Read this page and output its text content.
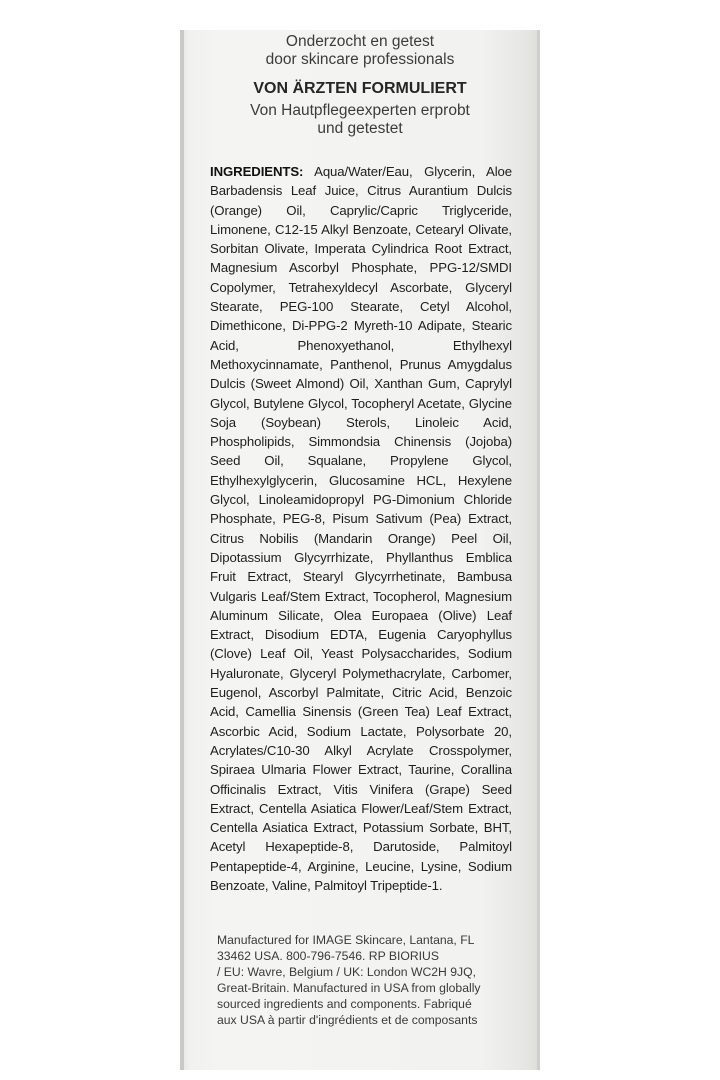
Onderzocht en getest
door skincare professionals
VON ÄRZTEN FORMULIERT
Von Hautpflegeexperten erprobt
und getestet
INGREDIENTS: Aqua/Water/Eau, Glycerin, Aloe Barbadensis Leaf Juice, Citrus Aurantium Dulcis (Orange) Oil, Caprylic/Capric Triglyceride, Limonene, C12-15 Alkyl Benzoate, Cetearyl Olivate, Sorbitan Olivate, Imperata Cylindrica Root Extract, Magnesium Ascorbyl Phosphate, PPG-12/SMDI Copolymer, Tetrahexyldecyl Ascorbate, Glyceryl Stearate, PEG-100 Stearate, Cetyl Alcohol, Dimethicone, Di-PPG-2 Myreth-10 Adipate, Stearic Acid, Phenoxyethanol, Ethylhexyl Methoxycinnamate, Panthenol, Prunus Amygdalus Dulcis (Sweet Almond) Oil, Xanthan Gum, Caprylyl Glycol, Butylene Glycol, Tocopheryl Acetate, Glycine Soja (Soybean) Sterols, Linoleic Acid, Phospholipids, Simmondsia Chinensis (Jojoba) Seed Oil, Squalane, Propylene Glycol, Ethylhexylglycerin, Glucosamine HCL, Hexylene Glycol, Linoleamidopropyl PG-Dimonium Chloride Phosphate, PEG-8, Pisum Sativum (Pea) Extract, Citrus Nobilis (Mandarin Orange) Peel Oil, Dipotassium Glycyrrhizate, Phyllanthus Emblica Fruit Extract, Stearyl Glycyrrhetinate, Bambusa Vulgaris Leaf/Stem Extract, Tocopherol, Magnesium Aluminum Silicate, Olea Europaea (Olive) Leaf Extract, Disodium EDTA, Eugenia Caryophyllus (Clove) Leaf Oil, Yeast Polysaccharides, Sodium Hyaluronate, Glyceryl Polymethacrylate, Carbomer, Eugenol, Ascorbyl Palmitate, Citric Acid, Benzoic Acid, Camellia Sinensis (Green Tea) Leaf Extract, Ascorbic Acid, Sodium Lactate, Polysorbate 20, Acrylates/C10-30 Alkyl Acrylate Crosspolymer, Spiraea Ulmaria Flower Extract, Taurine, Corallina Officinalis Extract, Vitis Vinifera (Grape) Seed Extract, Centella Asiatica Flower/Leaf/Stem Extract, Centella Asiatica Extract, Potassium Sorbate, BHT, Acetyl Hexapeptide-8, Darutoside, Palmitoyl Pentapeptide-4, Arginine, Leucine, Lysine, Sodium Benzoate, Valine, Palmitoyl Tripeptide-1.
Manufactured for IMAGE Skincare, Lantana, FL
33462 USA. 800-796-7546. RP BIORIUS
/ EU: Wavre, Belgium / UK: London WC2H 9JQ,
Great-Britain. Manufactured in USA from globally
sourced ingredients and components. Fabriqué
aux USA à partir d'ingrédients et de composants
